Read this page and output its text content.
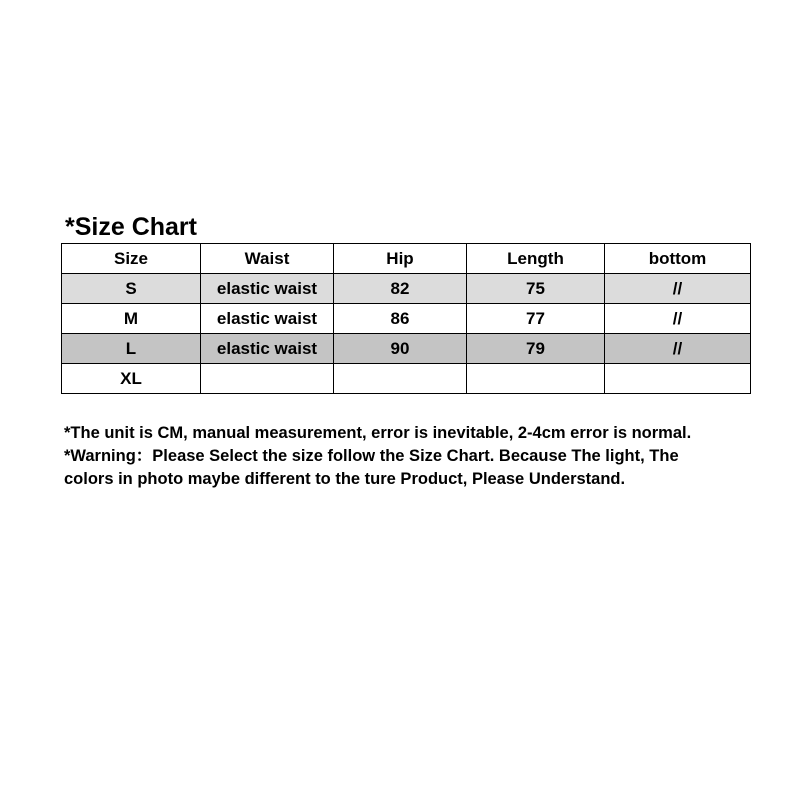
*Size Chart
Size	Waist	Hip	Length	bottom
S	elastic waist	82	75	//
M	elastic waist	86	77	//
L	elastic waist	90	79	//
XL				

*The unit is CM, manual measurement, error is inevitable, 2-4cm error is normal.

*Warning：Please Select the size follow the Size Chart. Because The light, The

colors in photo maybe different to the ture Product, Please Understand.
